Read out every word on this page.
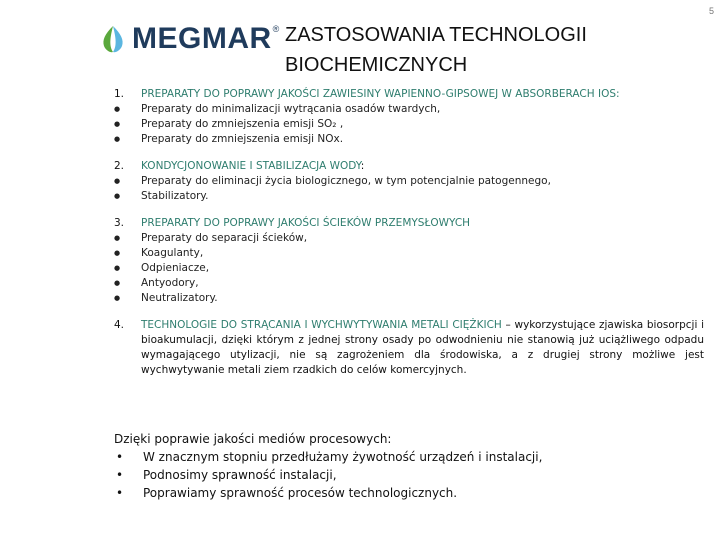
5
MEGMAR ® ZASTOSOWANIA TECHNOLOGII BIOCHEMICZNYCH
1.	PREPARATY DO POPRAWY JAKOŚCI ZAWIESINY WAPIENNO-GIPSOWEJ W ABSORBERACH IOS:
●	Preparaty do minimalizacji wytrącania osadów twardych,
●	Preparaty do zmniejszenia emisji SO₂ ,
●	Preparaty do zmniejszenia emisji NOx.
2.	KONDYCJONOWANIE I STABILIZACJA WODY:
●	Preparaty do eliminacji życia biologicznego, w tym potencjalnie patogennego,
●	Stabilizatory.
3.	PREPARATY DO POPRAWY JAKOŚCI ŚCIEKÓW PRZEMYSŁOWYCH
●	Preparaty do separacji ścieków,
●	Koagulanty,
●	Odpieniacze,
●	Antyodory,
●	Neutralizatory.
4.	TECHNOLOGIE DO STRĄCANIA I WYCHWYTYWANIA METALI CIĘŻKICH – wykorzystujące zjawiska biosorpcji i bioakumulacji, dzięki którym z jednej strony osady po odwodnieniu nie stanowią już uciążliwego odpadu wymagającego utylizacji, nie są zagrożeniem dla środowiska, a z drugiej strony możliwe jest wychwytywanie metali ziem rzadkich do celów komercyjnych.
Dzięki poprawie jakości mediów procesowych:
•	W znacznym stopniu przedłużamy żywotność urządzeń i instalacji,
•	Podnosimy sprawność instalacji,
•	Poprawiamy sprawność procesów technologicznych.
